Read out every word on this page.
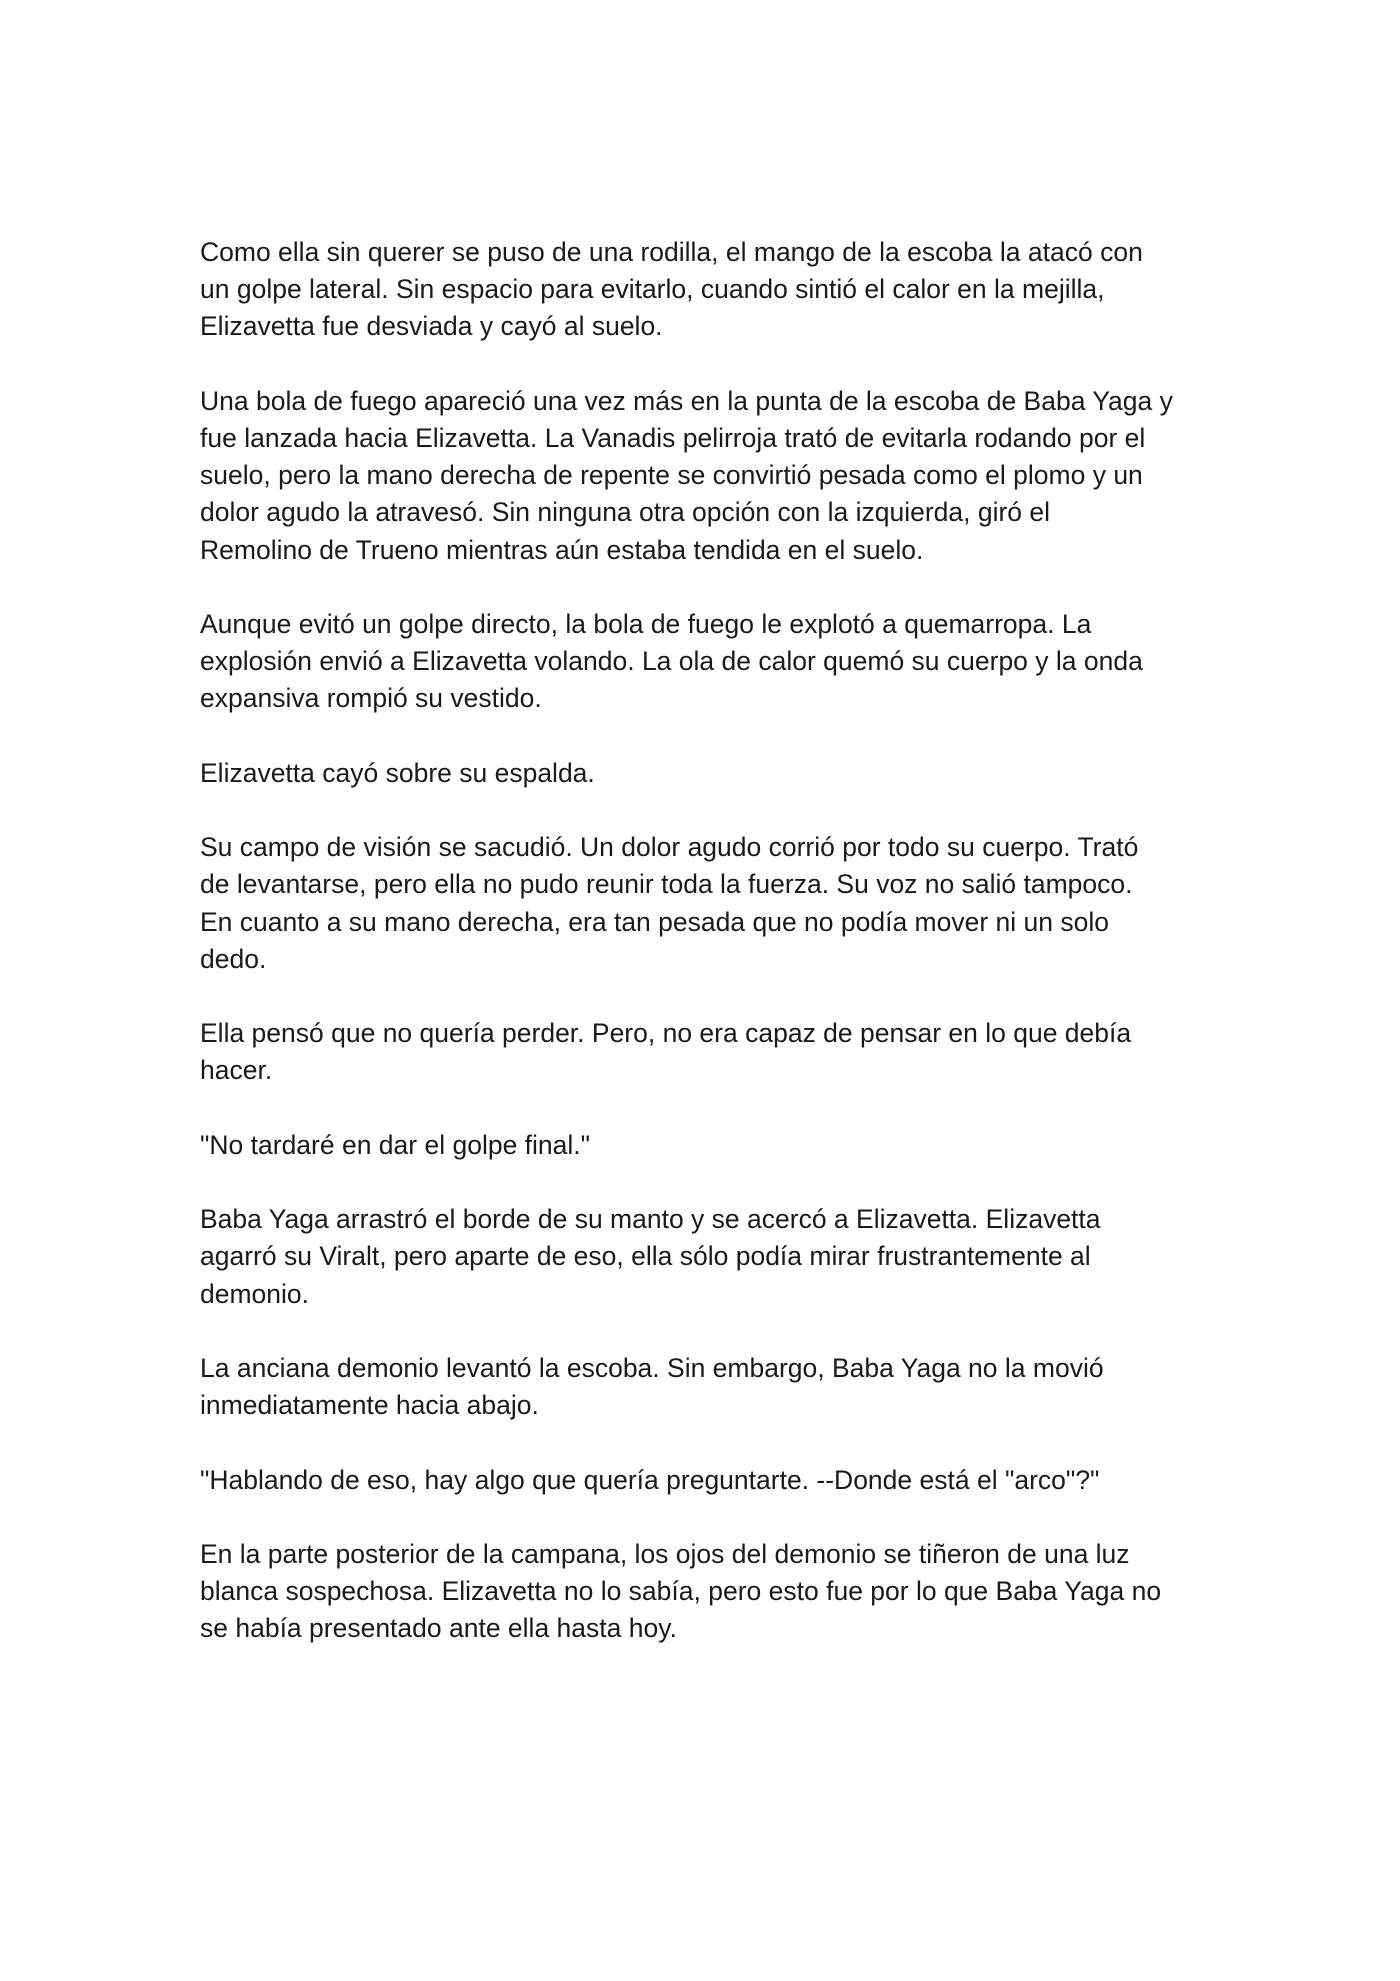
Como ella sin querer se puso de una rodilla, el mango de la escoba la atacó con
un golpe lateral. Sin espacio para evitarlo, cuando sintió el calor en la mejilla,
Elizavetta fue desviada y cayó al suelo.

Una bola de fuego apareció una vez más en la punta de la escoba de Baba Yaga y
fue lanzada hacia Elizavetta. La Vanadis pelirroja trató de evitarla rodando por el
suelo, pero la mano derecha de repente se convirtió pesada como el plomo y un
dolor agudo la atravesó. Sin ninguna otra opción con la izquierda, giró el
Remolino de Trueno mientras aún estaba tendida en el suelo.

Aunque evitó un golpe directo, la bola de fuego le explotó a quemarropa. La
explosión envió a Elizavetta volando. La ola de calor quemó su cuerpo y la onda
expansiva rompió su vestido.

Elizavetta cayó sobre su espalda.

Su campo de visión se sacudió. Un dolor agudo corrió por todo su cuerpo. Trató
de levantarse, pero ella no pudo reunir toda la fuerza. Su voz no salió tampoco.
En cuanto a su mano derecha, era tan pesada que no podía mover ni un solo
dedo.

Ella pensó que no quería perder. Pero, no era capaz de pensar en lo que debía
hacer.

"No tardaré en dar el golpe final."

Baba Yaga arrastró el borde de su manto y se acercó a Elizavetta. Elizavetta
agarró su Viralt, pero aparte de eso, ella sólo podía mirar frustrantemente al
demonio.

La anciana demonio levantó la escoba. Sin embargo, Baba Yaga no la movió
inmediatamente hacia abajo.

"Hablando de eso, hay algo que quería preguntarte. --Donde está el "arco"?"

En la parte posterior de la campana, los ojos del demonio se tiñeron de una luz
blanca sospechosa. Elizavetta no lo sabía, pero esto fue por lo que Baba Yaga no
se había presentado ante ella hasta hoy.
